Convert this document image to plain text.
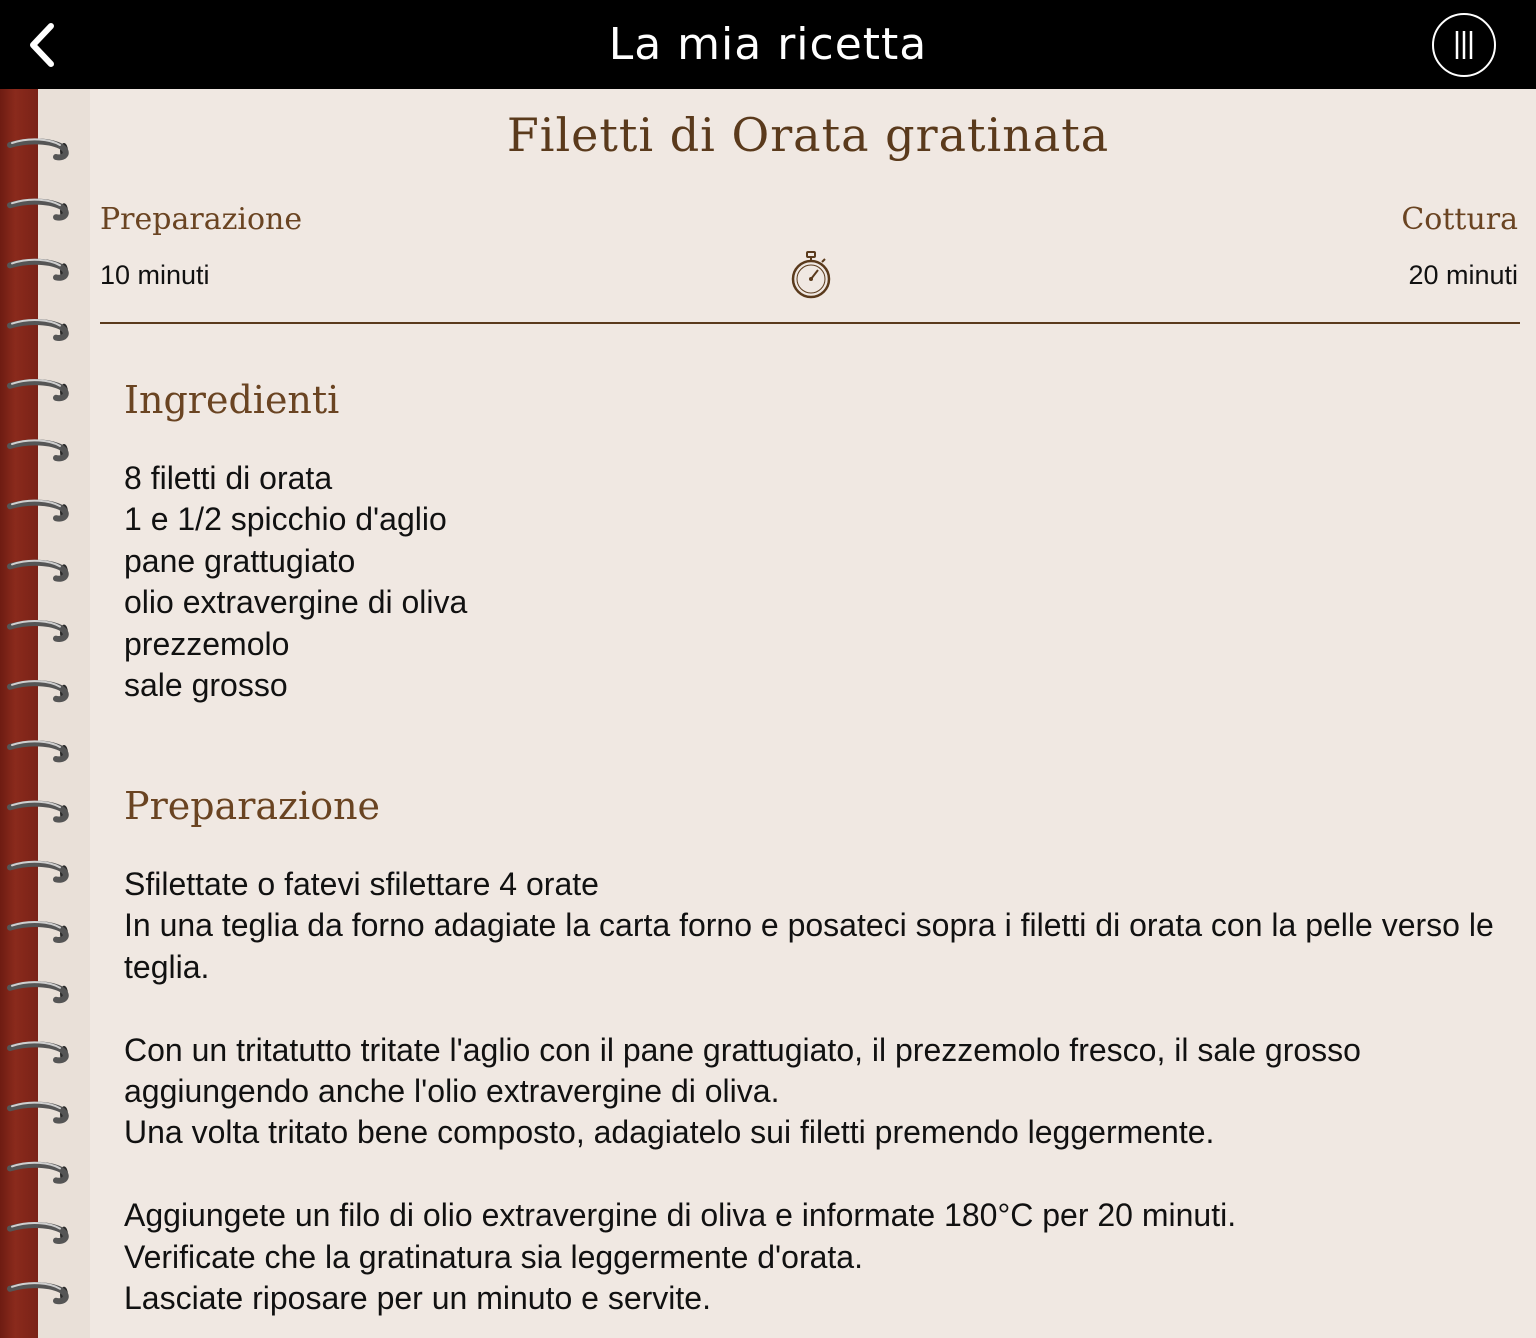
La mia ricetta
Filetti di Orata gratinata
Preparazione	Cottura
10 minuti	20 minuti
Ingredienti
8 filetti di orata
1 e 1/2 spicchio d'aglio
pane grattugiato
olio extravergine di oliva
prezzemolo
sale grosso
Preparazione

Sfilettate o fatevi sfilettare 4 orate

In una teglia da forno adagiate la carta forno e posateci sopra i filetti di orata con la pelle verso le teglia.

Con un tritatutto tritate l'aglio con il pane grattugiato, il prezzemolo fresco, il sale grosso aggiungendo anche l'olio extravergine di oliva.

Una volta tritato bene composto, adagiatelo sui filetti premendo leggermente.

Aggiungete un filo di olio extravergine di oliva e informate 180°C per 20 minuti.

Verificate che la gratinatura sia leggermente d'orata.

Lasciate riposare per un minuto e servite.
